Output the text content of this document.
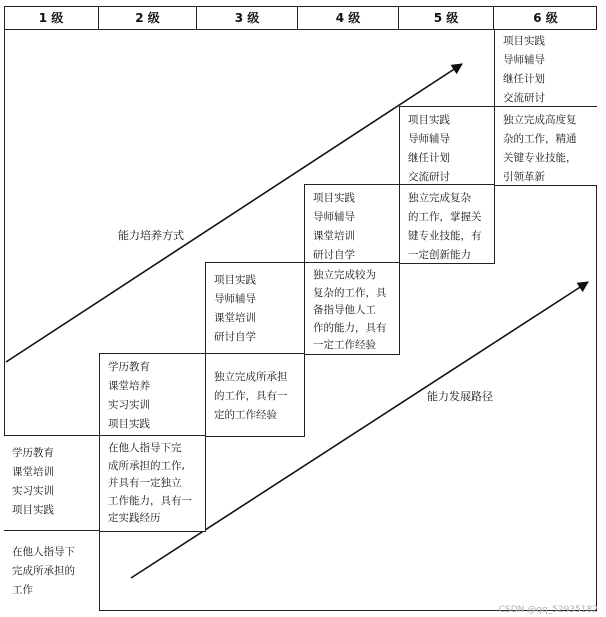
1 级	2 级	3 级	4 级	5 级	6 级
项目实践
导师辅导
继任计划
交流研讨
独立完成高度复
杂的工作，精通
关键专业技能，
引领革新
项目实践
导师辅导
继任计划
交流研讨
独立完成复杂
的工作，掌握关
键专业技能，有
一定创新能力
项目实践
导师辅导
课堂培训
研讨自学
独立完成较为
复杂的工作，具
备指导他人工
作的能力，具有
一定工作经验
项目实践
导师辅导
课堂培训
研讨自学
独立完成所承担
的工作，具有一
定的工作经验
学历教育
课堂培养
实习实训
项目实践
在他人指导下完
成所承担的工作,
并具有一定独立
工作能力，具有一
定实践经历
学历教育
课堂培训
实习实训
项目实践
在他人指导下
完成所承担的
工作
能力培养方式
能力发展路径
CSDN @qq_52935182
